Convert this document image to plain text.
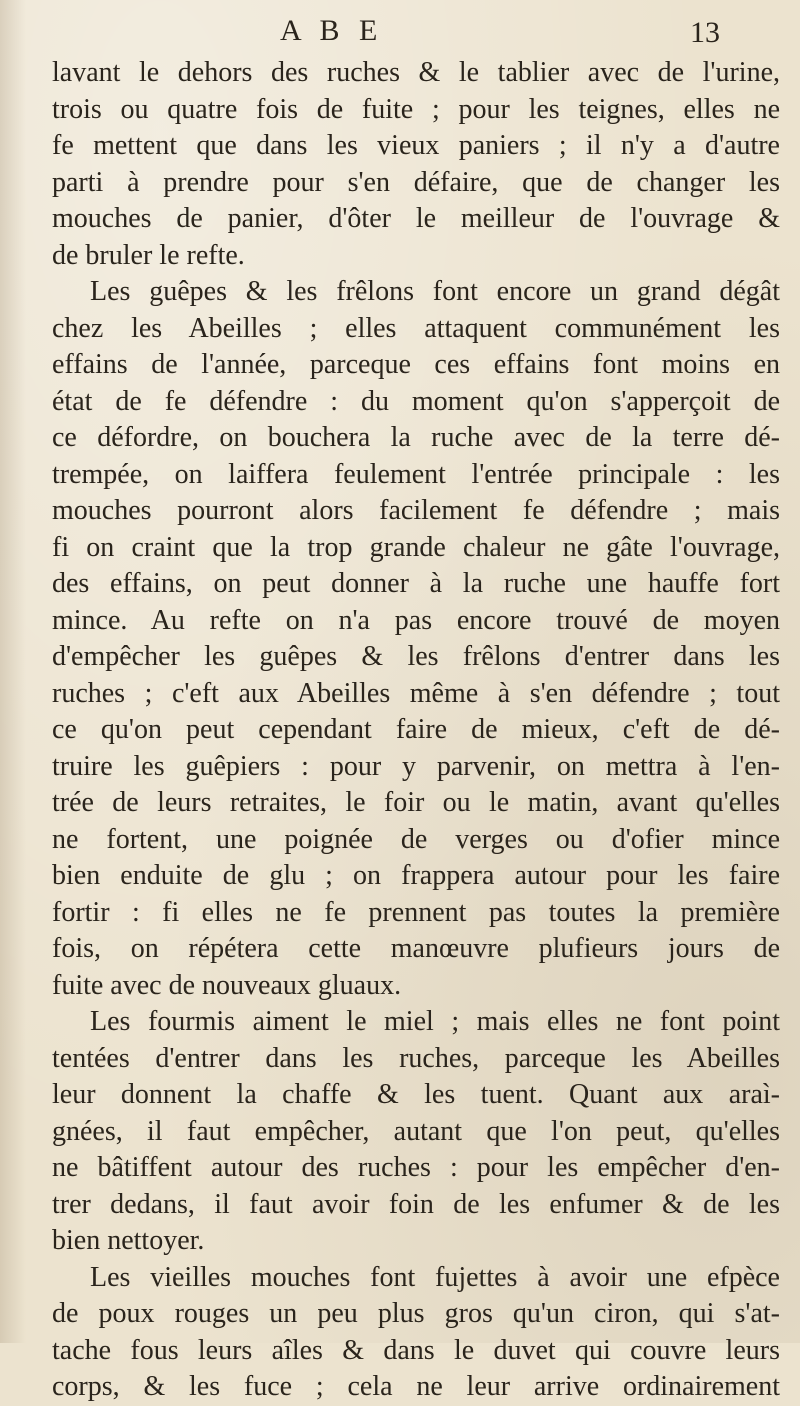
A B E	13
lavant le dehors des ruches & le tablier avec de l'urine,
trois ou quatre fois de fuite ; pour les teignes, elles ne
fe mettent que dans les vieux paniers ; il n'y a d'autre
parti à prendre pour s'en défaire, que de changer les
mouches de panier, d'ôter le meilleur de l'ouvrage &
de bruler le refte.
Les guêpes & les frêlons font encore un grand dégât
chez les Abeilles ; elles attaquent communément les
effains de l'année, parceque ces effains font moins en
état de fe défendre : du moment qu'on s'apperçoit de
ce défordre, on bouchera la ruche avec de la terre dé-
trempée, on laiffera feulement l'entrée principale : les
mouches pourront alors facilement fe défendre ; mais
fi on craint que la trop grande chaleur ne gâte l'ouvrage,
des effains, on peut donner à la ruche une hauffe fort
mince. Au refte on n'a pas encore trouvé de moyen
d'empêcher les guêpes & les frêlons d'entrer dans les
ruches ; c'eft aux Abeilles même à s'en défendre ; tout
ce qu'on peut cependant faire de mieux, c'eft de dé-
truire les guêpiers : pour y parvenir, on mettra à l'en-
trée de leurs retraites, le foir ou le matin, avant qu'elles
ne fortent, une poignée de verges ou d'ofier mince
bien enduite de glu ; on frappera autour pour les faire
fortir : fi elles ne fe prennent pas toutes la première
fois, on répétera cette manœuvre plufieurs jours de
fuite avec de nouveaux gluaux.
Les fourmis aiment le miel ; mais elles ne font point
tentées d'entrer dans les ruches, parceque les Abeilles
leur donnent la chaffe & les tuent. Quant aux araì-
gnées, il faut empêcher, autant que l'on peut, qu'elles
ne bâtiffent autour des ruches : pour les empêcher d'en-
trer dedans, il faut avoir foin de les enfumer & de les
bien nettoyer.
Les vieilles mouches font fujettes à avoir une efpèce
de poux rouges un peu plus gros qu'un ciron, qui s'at-
tache fous leurs aîles & dans le duvet qui couvre leurs
corps, & les fuce ; cela ne leur arrive ordinairement
